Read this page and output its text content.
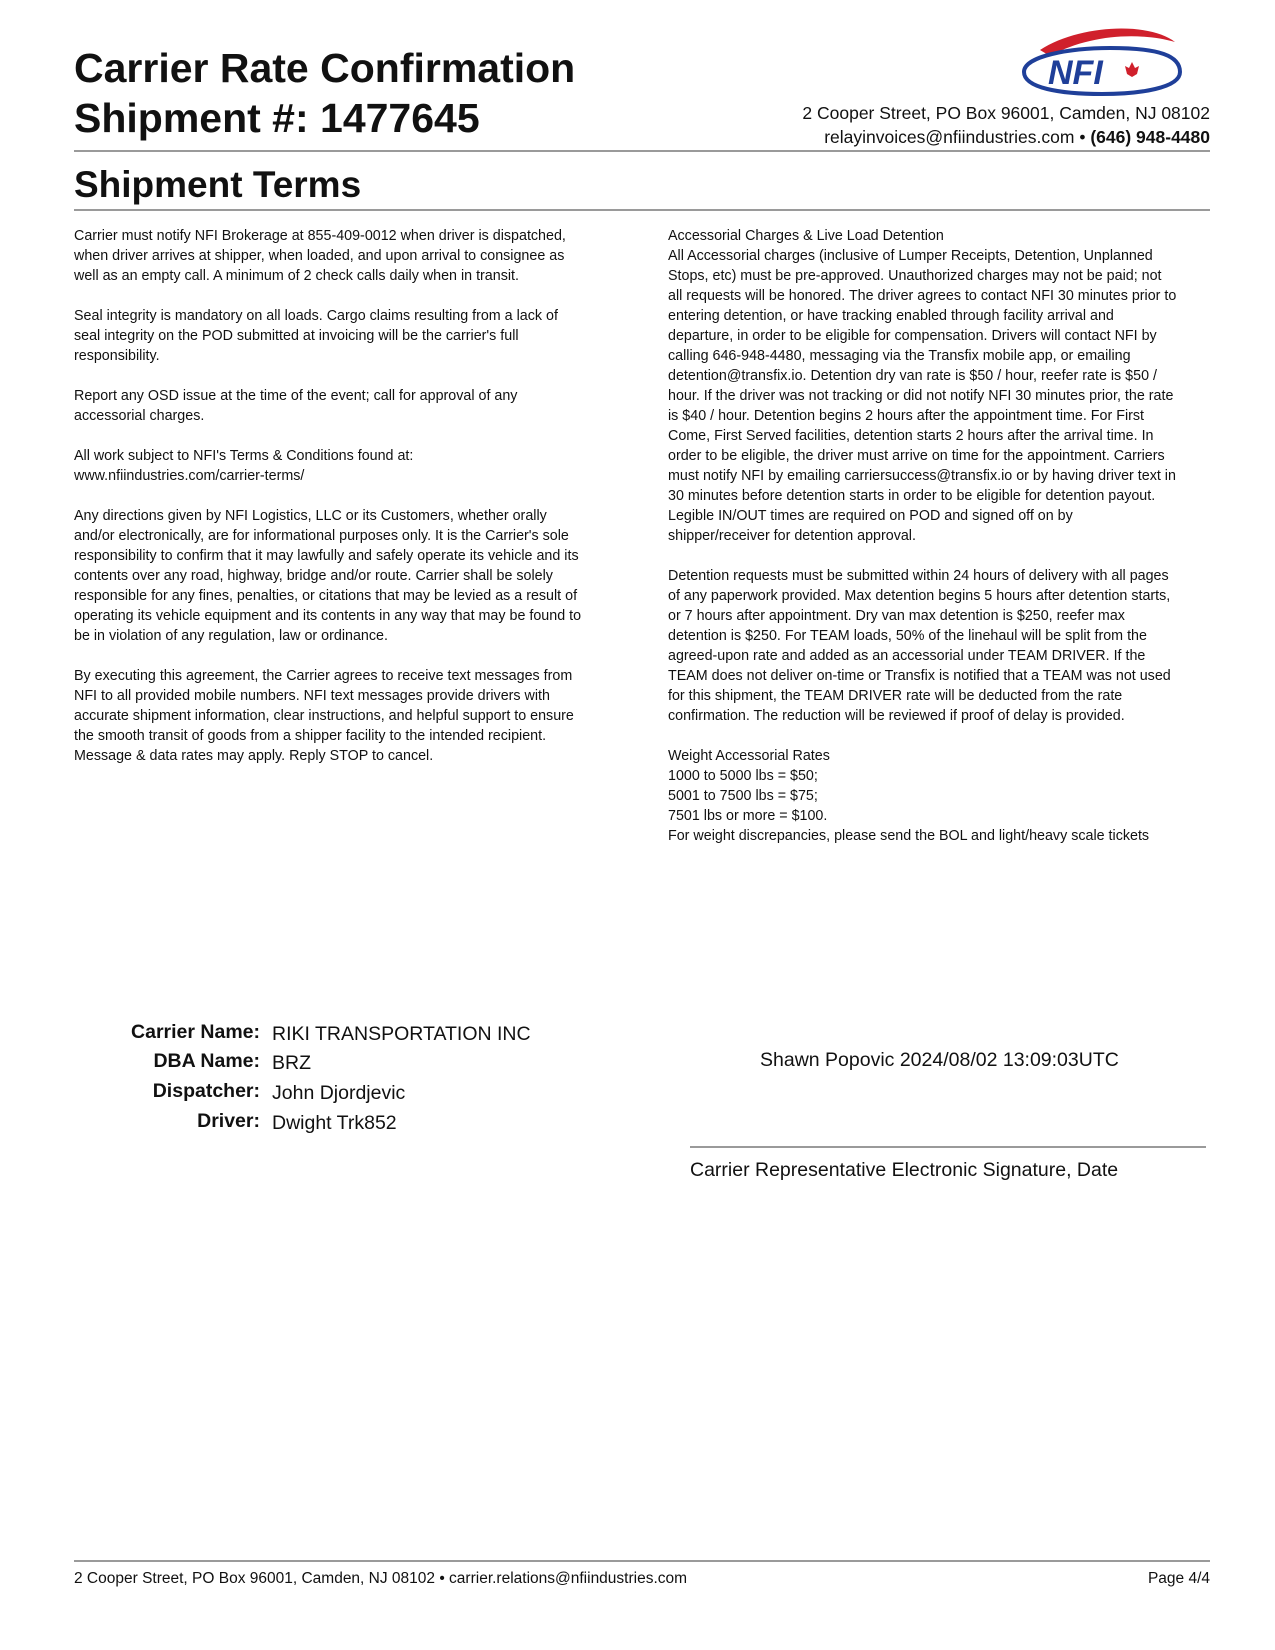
Carrier Rate Confirmation
Shipment #: 1477645
NFI
2 Cooper Street, PO Box 96001, Camden, NJ 08102
relayinvoices@nfiindustries.com • (646) 948-4480
Shipment Terms

Carrier must notify NFI Brokerage at 855-409-0012 when driver is dispatched,
when driver arrives at shipper, when loaded, and upon arrival to consignee as
well as an empty call. A minimum of 2 check calls daily when in transit.

Seal integrity is mandatory on all loads. Cargo claims resulting from a lack of
seal integrity on the POD submitted at invoicing will be the carrier's full
responsibility.

Report any OSD issue at the time of the event; call for approval of any
accessorial charges.

All work subject to NFI's Terms & Conditions found at:
www.nfiindustries.com/carrier-terms/

Any directions given by NFI Logistics, LLC or its Customers, whether orally
and/or electronically, are for informational purposes only. It is the Carrier's sole
responsibility to confirm that it may lawfully and safely operate its vehicle and its
contents over any road, highway, bridge and/or route. Carrier shall be solely
responsible for any fines, penalties, or citations that may be levied as a result of
operating its vehicle equipment and its contents in any way that may be found to
be in violation of any regulation, law or ordinance.

By executing this agreement, the Carrier agrees to receive text messages from
NFI to all provided mobile numbers. NFI text messages provide drivers with
accurate shipment information, clear instructions, and helpful support to ensure
the smooth transit of goods from a shipper facility to the intended recipient.
Message & data rates may apply. Reply STOP to cancel.

Accessorial Charges & Live Load Detention
All Accessorial charges (inclusive of Lumper Receipts, Detention, Unplanned
Stops, etc) must be pre-approved. Unauthorized charges may not be paid; not
all requests will be honored. The driver agrees to contact NFI 30 minutes prior to
entering detention, or have tracking enabled through facility arrival and
departure, in order to be eligible for compensation. Drivers will contact NFI by
calling 646-948-4480, messaging via the Transfix mobile app, or emailing
detention@transfix.io. Detention dry van rate is $50 / hour, reefer rate is $50 /
hour. If the driver was not tracking or did not notify NFI 30 minutes prior, the rate
is $40 / hour. Detention begins 2 hours after the appointment time. For First
Come, First Served facilities, detention starts 2 hours after the arrival time. In
order to be eligible, the driver must arrive on time for the appointment. Carriers
must notify NFI by emailing carriersuccess@transfix.io or by having driver text in
30 minutes before detention starts in order to be eligible for detention payout.
Legible IN/OUT times are required on POD and signed off on by
shipper/receiver for detention approval.

Detention requests must be submitted within 24 hours of delivery with all pages
of any paperwork provided. Max detention begins 5 hours after detention starts,
or 7 hours after appointment. Dry van max detention is $250, reefer max
detention is $250. For TEAM loads, 50% of the linehaul will be split from the
agreed-upon rate and added as an accessorial under TEAM DRIVER. If the
TEAM does not deliver on-time or Transfix is notified that a TEAM was not used
for this shipment, the TEAM DRIVER rate will be deducted from the rate
confirmation. The reduction will be reviewed if proof of delay is provided.

Weight Accessorial Rates
1000 to 5000 lbs = $50;
5001 to 7500 lbs = $75;
7501 lbs or more = $100.
For weight discrepancies, please send the BOL and light/heavy scale tickets

Carrier Name: RIKI TRANSPORTATION INC
DBA Name: BRZ
Dispatcher: John Djordjevic
Driver: Dwight Trk852
Shawn Popovic 2024/08/02 13:09:03UTC
Carrier Representative Electronic Signature, Date
2 Cooper Street, PO Box 96001, Camden, NJ 08102 • carrier.relations@nfiindustries.com	Page 4/4
